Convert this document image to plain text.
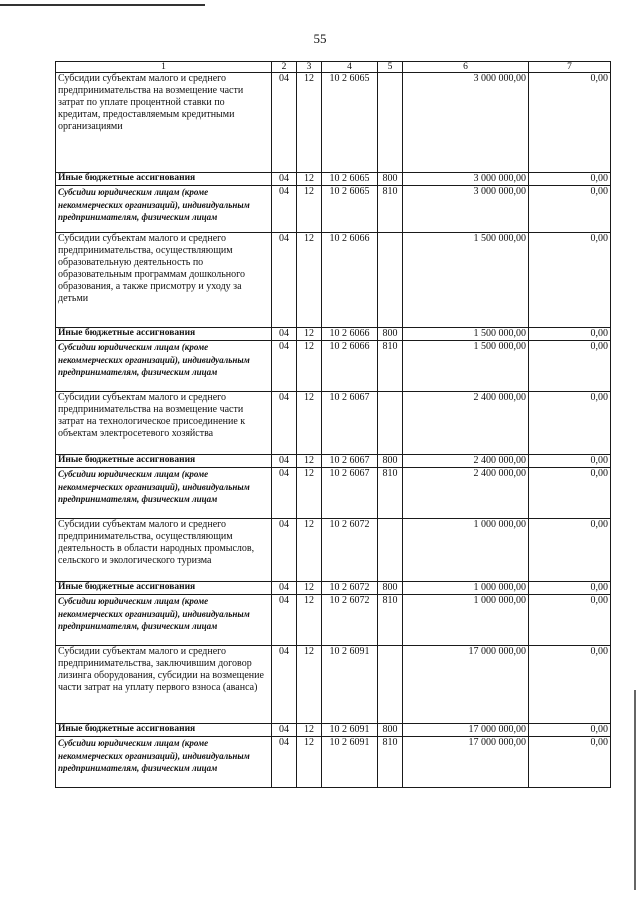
55
1	2	3	4	5	6	7
Субсидии субъектам малого и среднего предпринимательства на возмещение части затрат по уплате процентной ставки по кредитам, предоставляемым кредитными организациями	04	12	10 2 6065		3 000 000,00	0,00
Иные бюджетные ассигнования	04	12	10 2 6065	800	3 000 000,00	0,00
Субсидии юридическим лицам (кроме некоммерческих организаций), индивидуальным предпринимателям, физическим лицам	04	12	10 2 6065	810	3 000 000,00	0,00
Субсидии субъектам малого и среднего предпринимательства, осуществляющим образовательную деятельность по образовательным программам дошкольного образования, а также присмотру и уходу за детьми	04	12	10 2 6066		1 500 000,00	0,00
Иные бюджетные ассигнования	04	12	10 2 6066	800	1 500 000,00	0,00
Субсидии юридическим лицам (кроме некоммерческих организаций), индивидуальным предпринимателям, физическим лицам	04	12	10 2 6066	810	1 500 000,00	0,00
Субсидии субъектам малого и среднего предпринимательства на возмещение части затрат на технологическое присоединение к объектам электросетевого хозяйства	04	12	10 2 6067		2 400 000,00	0,00
Иные бюджетные ассигнования	04	12	10 2 6067	800	2 400 000,00	0,00
Субсидии юридическим лицам (кроме некоммерческих организаций), индивидуальным предпринимателям, физическим лицам	04	12	10 2 6067	810	2 400 000,00	0,00
Субсидии субъектам малого и среднего предпринимательства, осуществляющим деятельность в области народных промыслов, сельского и экологического туризма	04	12	10 2 6072		1 000 000,00	0,00
Иные бюджетные ассигнования	04	12	10 2 6072	800	1 000 000,00	0,00
Субсидии юридическим лицам (кроме некоммерческих организаций), индивидуальным предпринимателям, физическим лицам	04	12	10 2 6072	810	1 000 000,00	0,00
Субсидии субъектам малого и среднего предпринимательства, заключившим договор лизинга оборудования, субсидии на возмещение части затрат на уплату первого взноса (аванса)	04	12	10 2 6091		17 000 000,00	0,00
Иные бюджетные ассигнования	04	12	10 2 6091	800	17 000 000,00	0,00
Субсидии юридическим лицам (кроме некоммерческих организаций), индивидуальным предпринимателям, физическим лицам	04	12	10 2 6091	810	17 000 000,00	0,00
